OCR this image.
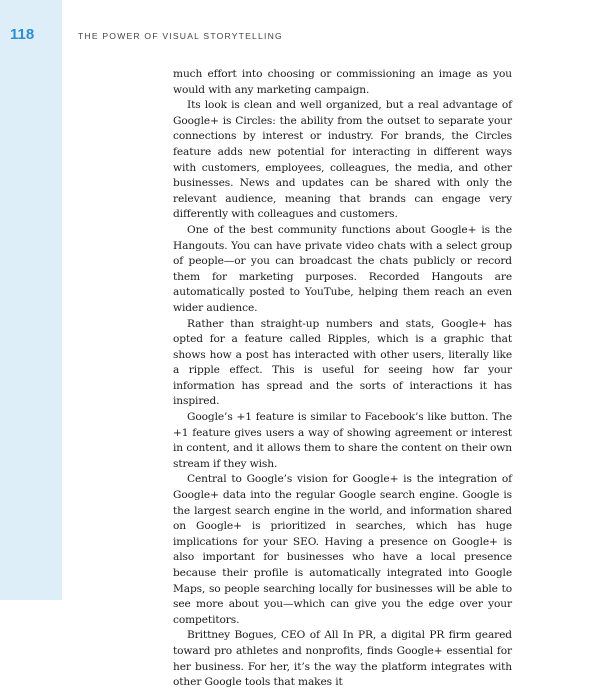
118	THE POWER OF VISUAL STORYTELLING

much effort into choosing or commissioning an image as you would with any marketing campaign.

Its look is clean and well organized, but a real advantage of Google+ is Circles: the ability from the outset to separate your connections by interest or industry. For brands, the Circles feature adds new potential for interacting in different ways with customers, employees, colleagues, the media, and other businesses. News and updates can be shared with only the relevant audience, meaning that brands can engage very differently with colleagues and customers.

One of the best community functions about Google+ is the Hangouts. You can have private video chats with a select group of people—or you can broadcast the chats publicly or record them for marketing purposes. Recorded Hangouts are automatically posted to YouTube, helping them reach an even wider audience.

Rather than straight-up numbers and stats, Google+ has opted for a feature called Ripples, which is a graphic that shows how a post has interacted with other users, literally like a ripple effect. This is useful for seeing how far your information has spread and the sorts of interactions it has inspired.

Google’s +1 feature is similar to Facebook’s like button. The +1 feature gives users a way of showing agreement or interest in content, and it allows them to share the content on their own stream if they wish.

Central to Google’s vision for Google+ is the integration of Google+ data into the regular Google search engine. Google is the largest search engine in the world, and information shared on Google+ is prioritized in searches, which has huge implications for your SEO. Having a presence on Google+ is also important for businesses who have a local presence because their profile is automatically integrated into Google Maps, so people searching locally for businesses will be able to see more about you—which can give you the edge over your competitors.

Brittney Bogues, CEO of All In PR, a digital PR firm geared toward pro athletes and nonprofits, finds Google+ essential for her business. For her, it’s the way the platform integrates with other Google tools that makes it
